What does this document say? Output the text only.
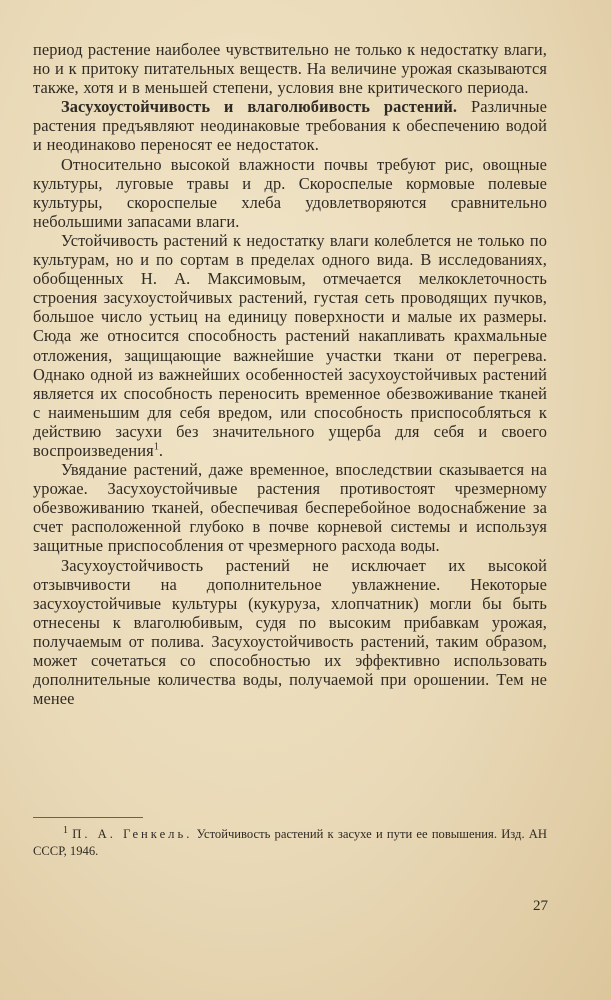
период растение наиболее чувствительно не только к недостатку влаги, но и к притоку питательных веществ. На величине урожая сказываются также, хотя и в меньшей степени, условия вне критического периода.

Засухоустойчивость и влаголюбивость растений. Различные растения предъявляют неодинаковые требования к обеспечению водой и неодинаково переносят ее недостаток.

Относительно высокой влажности почвы требуют рис, овощные культуры, луговые травы и др. Скороспелые кормовые полевые культуры, скороспелые хлеба удовлетворяются сравнительно небольшими запасами влаги.

Устойчивость растений к недостатку влаги колеблется не только по культурам, но и по сортам в пределах одного вида. В исследованиях, обобщенных Н. А. Максимовым, отмечается мелкоклеточность строения засухоустойчивых растений, густая сеть проводящих пучков, большое число устьиц на единицу поверхности и малые их размеры. Сюда же относится способность растений накапливать крахмальные отложения, защищающие важнейшие участки ткани от перегрева. Однако одной из важнейших особенностей засухоустойчивых растений является их способность переносить временное обезвоживание тканей с наименьшим для себя вредом, или способность приспособляться к действию засухи без значительного ущерба для себя и своего воспроизведения$^1$.

Увядание растений, даже временное, впоследствии сказывается на урожае. Засухоустойчивые растения противостоят чрезмерному обезвоживанию тканей, обеспечивая бесперебойное водоснабжение за счет расположенной глубоко в почве корневой системы и используя защитные приспособления от чрезмерного расхода воды.

Засухоустойчивость растений не исключает их высокой отзывчивости на дополнительное увлажнение. Некоторые засухоустойчивые культуры (кукуруза, хлопчатник) могли бы быть отнесены к влаголюбивым, судя по высоким прибавкам урожая, получаемым от полива. Засухоустойчивость растений, таким образом, может сочетаться со способностью их эффективно использовать дополнительные количества воды, получаемой при орошении. Тем не менее

$^1$ П. А. Генкель. Устойчивость растений к засухе и пути ее повышения. Изд. АН СССР, 1946.

27
